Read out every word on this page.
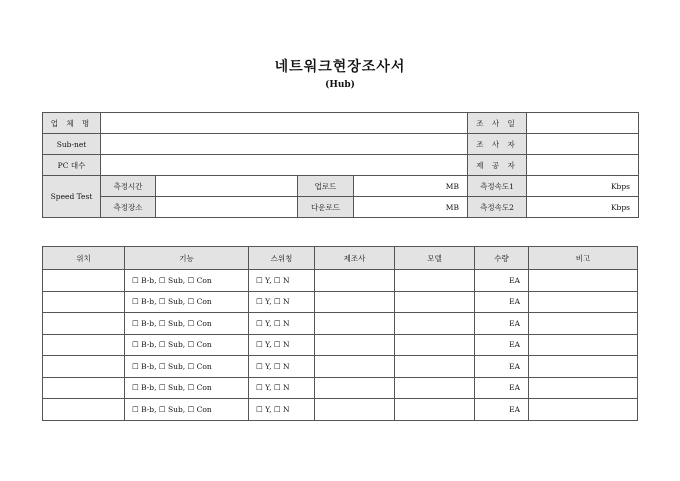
네트워크현장조사서
(Hub)
업 체 명					조 사 일	
Sub-net					조 사 자	
PC 대수					제 공 자	
Speed Test	측정시간		업로드	MB	측정속도1	Kbps
	측정장소		다운로드	MB	측정속도2	Kbps
위치	기능	스위칭	제조사	모델	수량	비고
	☐ B-b, ☐ Sub, ☐ Con	☐ Y, ☐ N			EA	
	☐ B-b, ☐ Sub, ☐ Con	☐ Y, ☐ N			EA	
	☐ B-b, ☐ Sub, ☐ Con	☐ Y, ☐ N			EA	
	☐ B-b, ☐ Sub, ☐ Con	☐ Y, ☐ N			EA	
	☐ B-b, ☐ Sub, ☐ Con	☐ Y, ☐ N			EA	
	☐ B-b, ☐ Sub, ☐ Con	☐ Y, ☐ N			EA	
	☐ B-b, ☐ Sub, ☐ Con	☐ Y, ☐ N			EA	
